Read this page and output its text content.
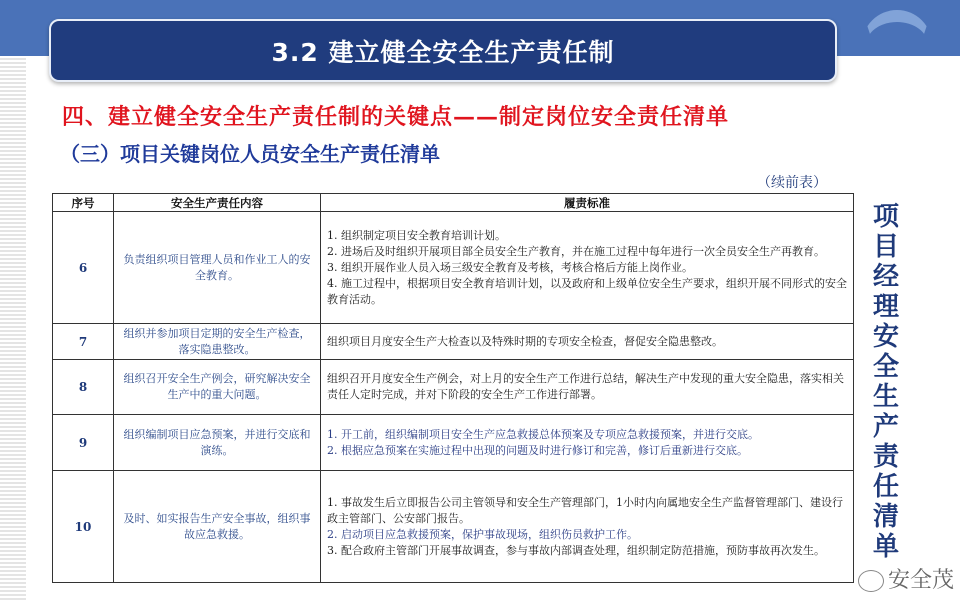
3.2 建立健全安全生产责任制
四、建立健全安全生产责任制的关键点——制定岗位安全责任清单
（三）项目关键岗位人员安全生产责任清单
（续前表）
序号	安全生产责任内容	履责标准
6	负责组织项目管理人员和作业工人的安全教育。	1. 组织制定项目安全教育培训计划。
2. 进场后及时组织开展项目部全员安全生产教育，并在施工过程中每年进行一次全员安全生产再教育。
3. 组织开展作业人员入场三级安全教育及考核，考核合格后方能上岗作业。
4. 施工过程中，根据项目安全教育培训计划，以及政府和上级单位安全生产要求，组织开展不同形式的安全教育活动。

7	组织并参加项目定期的安全生产检查，落实隐患整改。	组织项目月度安全生产大检查以及特殊时期的专项安全检查，督促安全隐患整改。

8	组织召开安全生产例会，研究解决安全生产中的重大问题。	组织召开月度安全生产例会，对上月的安全生产工作进行总结，解决生产中发现的重大安全隐患，落实相关责任人定时完成，并对下阶段的安全生产工作进行部署。

9	组织编制项目应急预案，并进行交底和演练。	1. 开工前，组织编制项目安全生产应急救援总体预案及专项应急救援预案，并进行交底。
2. 根据应急预案在实施过程中出现的问题及时进行修订和完善，修订后重新进行交底。

10	及时、如实报告生产安全事故，组织事故应急救援。	1. 事故发生后立即报告公司主管领导和安全生产管理部门，1小时内向属地安全生产监督管理部门、建设行政主管部门、公安部门报告。
2. 启动项目应急救援预案，保护事故现场，组织伤员救护工作。
3. 配合政府主管部门开展事故调查，参与事故内部调查处理，组织制定防范措施，预防事故再次发生。
项目经理安全生产责任清单
安全茂
